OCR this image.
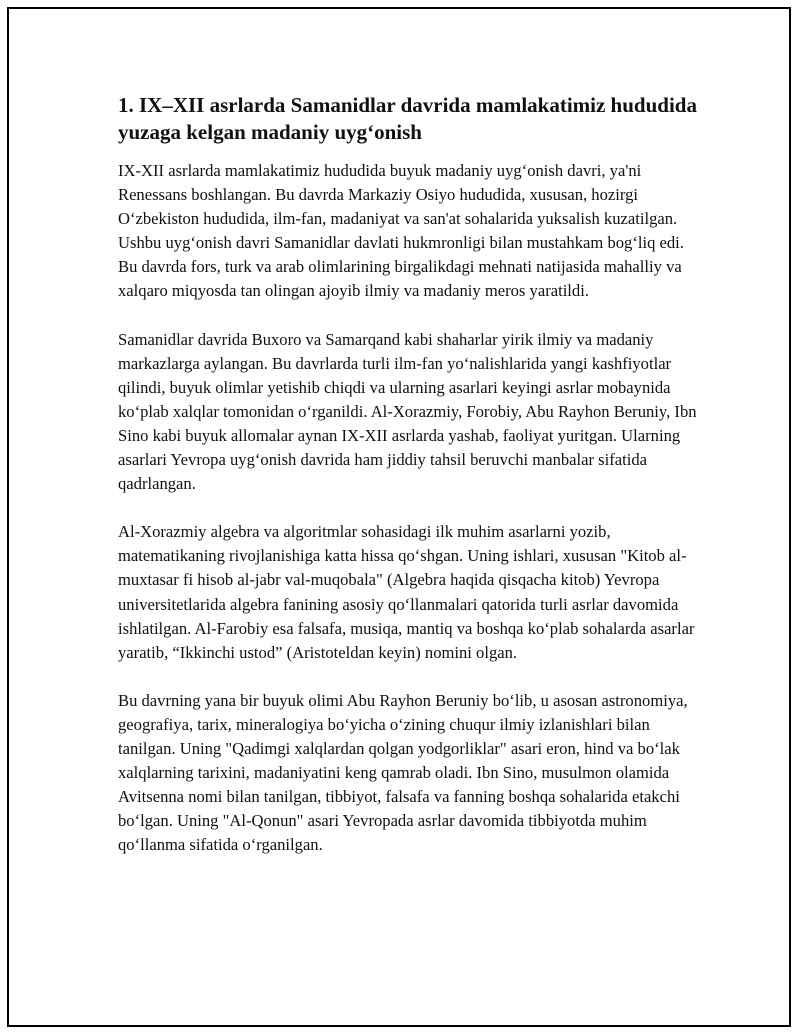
1. IX–XII asrlarda Samanidlar davrida mamlakatimiz hududida yuzaga kelgan madaniy uyg‘onish

IX-XII asrlarda mamlakatimiz hududida buyuk madaniy uyg‘onish davri, ya'ni Renessans boshlangan. Bu davrda Markaziy Osiyo hududida, xususan, hozirgi O‘zbekiston hududida, ilm-fan, madaniyat va san'at sohalarida yuksalish kuzatilgan. Ushbu uyg‘onish davri Samanidlar davlati hukmronligi bilan mustahkam bog‘liq edi. Bu davrda fors, turk va arab olimlarining birgalikdagi mehnati natijasida mahalliy va xalqaro miqyosda tan olingan ajoyib ilmiy va madaniy meros yaratildi.

Samanidlar davrida Buxoro va Samarqand kabi shaharlar yirik ilmiy va madaniy markazlarga aylangan. Bu davrlarda turli ilm-fan yo‘nalishlarida yangi kashfiyotlar qilindi, buyuk olimlar yetishib chiqdi va ularning asarlari keyingi asrlar mobaynida ko‘plab xalqlar tomonidan o‘rganildi. Al-Xorazmiy, Forobiy, Abu Rayhon Beruniy, Ibn Sino kabi buyuk allomalar aynan IX-XII asrlarda yashab, faoliyat yuritgan. Ularning asarlari Yevropa uyg‘onish davrida ham jiddiy tahsil beruvchi manbalar sifatida qadrlangan.

Al-Xorazmiy algebra va algoritmlar sohasidagi ilk muhim asarlarni yozib, matematikaning rivojlanishiga katta hissa qo‘shgan. Uning ishlari, xususan "Kitob al-muxtasar fi hisob al-jabr val-muqobala" (Algebra haqida qisqacha kitob) Yevropa universitetlarida algebra fanining asosiy qo‘llanmalari qatorida turli asrlar davomida ishlatilgan. Al-Farobiy esa falsafa, musiqa, mantiq va boshqa ko‘plab sohalarda asarlar yaratib, “Ikkinchi ustod” (Aristoteldan keyin) nomini olgan.

Bu davrning yana bir buyuk olimi Abu Rayhon Beruniy bo‘lib, u asosan astronomiya, geografiya, tarix, mineralogiya bo‘yicha o‘zining chuqur ilmiy izlanishlari bilan tanilgan. Uning "Qadimgi xalqlardan qolgan yodgorliklar" asari eron, hind va bo‘lak xalqlarning tarixini, madaniyatini keng qamrab oladi. Ibn Sino, musulmon olamida Avitsenna nomi bilan tanilgan, tibbiyot, falsafa va fanning boshqa sohalarida etakchi bo‘lgan. Uning "Al-Qonun" asari Yevropada asrlar davomida tibbiyotda muhim qo‘llanma sifatida o‘rganilgan.
